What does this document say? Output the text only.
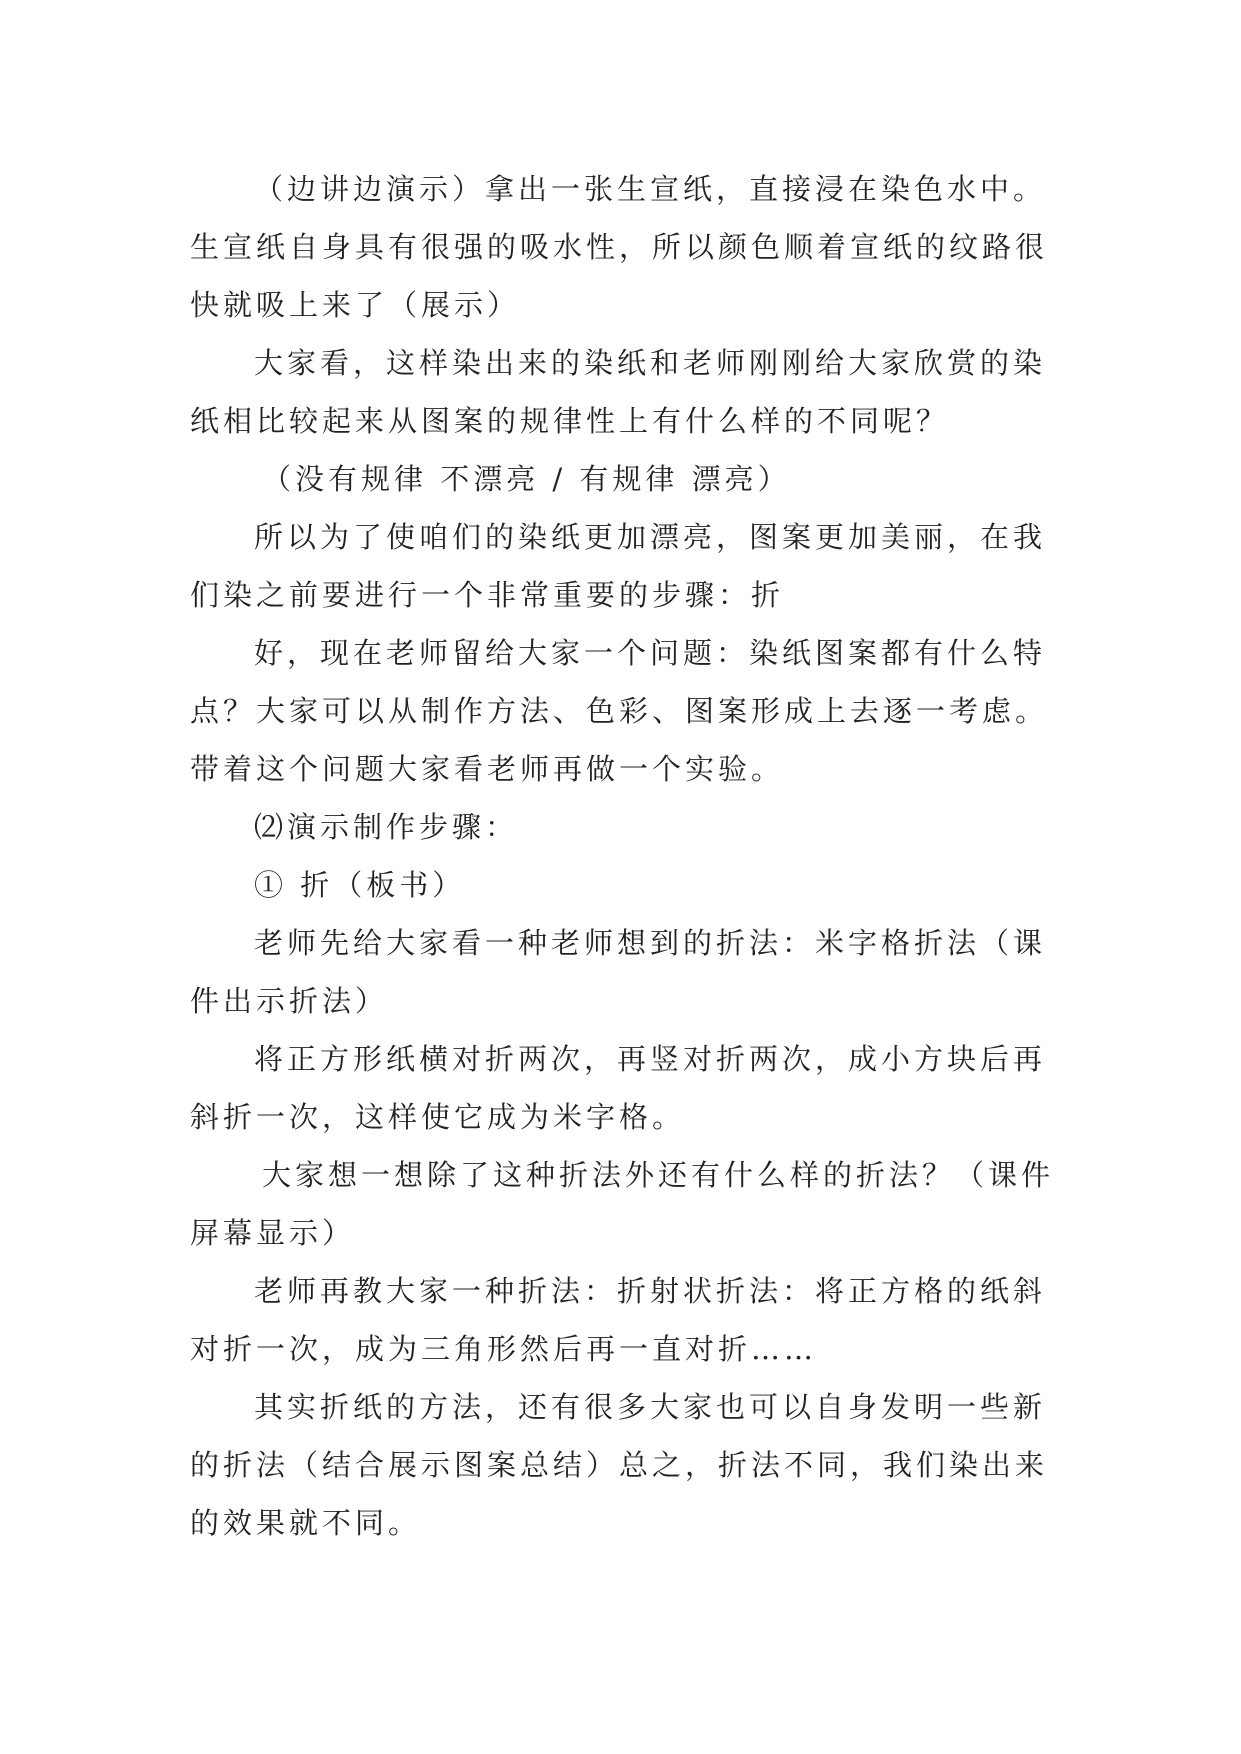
（边讲边演示）拿出一张生宣纸，直接浸在染色水中。生宣纸自身具有很强的吸水性，所以颜色顺着宣纸的纹路很快就吸上来了（展示）

大家看，这样染出来的染纸和老师刚刚给大家欣赏的染纸相比较起来从图案的规律性上有什么样的不同呢？

（没有规律 不漂亮 / 有规律 漂亮）

所以为了使咱们的染纸更加漂亮，图案更加美丽，在我们染之前要进行一个非常重要的步骤：折

好，现在老师留给大家一个问题：染纸图案都有什么特点？大家可以从制作方法、色彩、图案形成上去逐一考虑。带着这个问题大家看老师再做一个实验。

⑵演示制作步骤：

① 折（板书）

老师先给大家看一种老师想到的折法：米字格折法（课件出示折法）

将正方形纸横对折两次，再竖对折两次，成小方块后再斜折一次，这样使它成为米字格。

大家想一想除了这种折法外还有什么样的折法？（课件屏幕显示）

老师再教大家一种折法：折射状折法：将正方格的纸斜对折一次，成为三角形然后再一直对折……

其实折纸的方法，还有很多大家也可以自身发明一些新的折法（结合展示图案总结）总之，折法不同，我们染出来的效果就不同。
